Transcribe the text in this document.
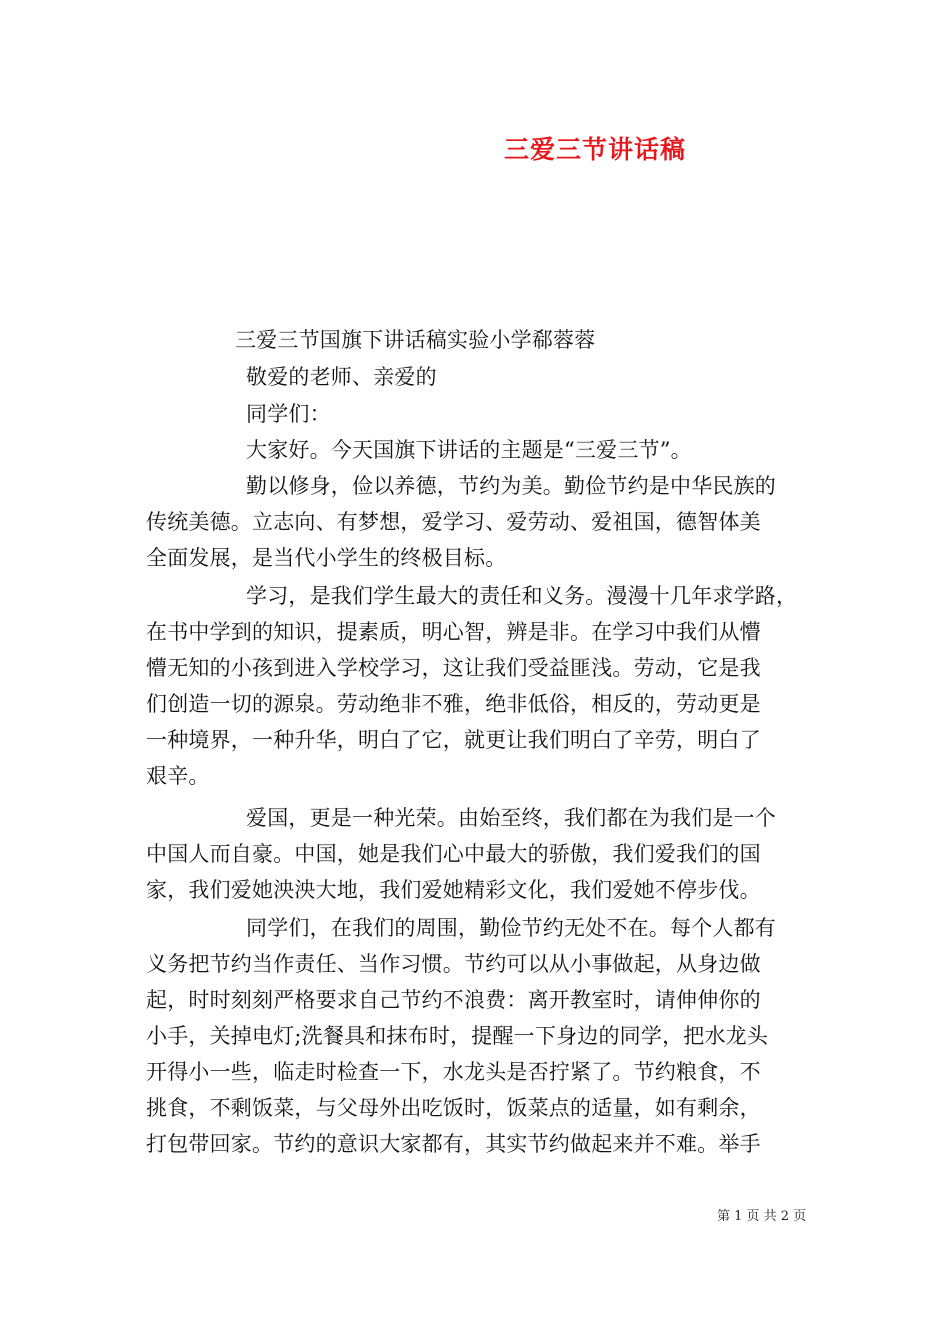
三爱三节讲话稿
三爱三节国旗下讲话稿实验小学郗蓉蓉
敬爱的老师、亲爱的
同学们：
大家好。今天国旗下讲话的主题是“三爱三节”。
勤以修身，俭以养德，节约为美。勤俭节约是中华民族的
传统美德。立志向、有梦想，爱学习、爱劳动、爱祖国，德智体美
全面发展，是当代小学生的终极目标。
学习，是我们学生最大的责任和义务。漫漫十几年求学路，
在书中学到的知识，提素质，明心智，辨是非。在学习中我们从懵
懵无知的小孩到进入学校学习，这让我们受益匪浅。劳动，它是我
们创造一切的源泉。劳动绝非不雅，绝非低俗，相反的，劳动更是
一种境界，一种升华，明白了它，就更让我们明白了辛劳，明白了
艰辛。
爱国，更是一种光荣。由始至终，我们都在为我们是一个
中国人而自豪。中国，她是我们心中最大的骄傲，我们爱我们的国
家，我们爱她泱泱大地，我们爱她精彩文化，我们爱她不停步伐。
同学们，在我们的周围，勤俭节约无处不在。每个人都有
义务把节约当作责任、当作习惯。节约可以从小事做起，从身边做
起，时时刻刻严格要求自己节约不浪费：离开教室时，请伸伸你的
小手，关掉电灯;洗餐具和抹布时，提醒一下身边的同学，把水龙头
开得小一些，临走时检查一下，水龙头是否拧紧了。节约粮食，不
挑食，不剩饭菜，与父母外出吃饭时，饭菜点的适量，如有剩余，
打包带回家。节约的意识大家都有，其实节约做起来并不难。举手
第 1 页 共 2 页
